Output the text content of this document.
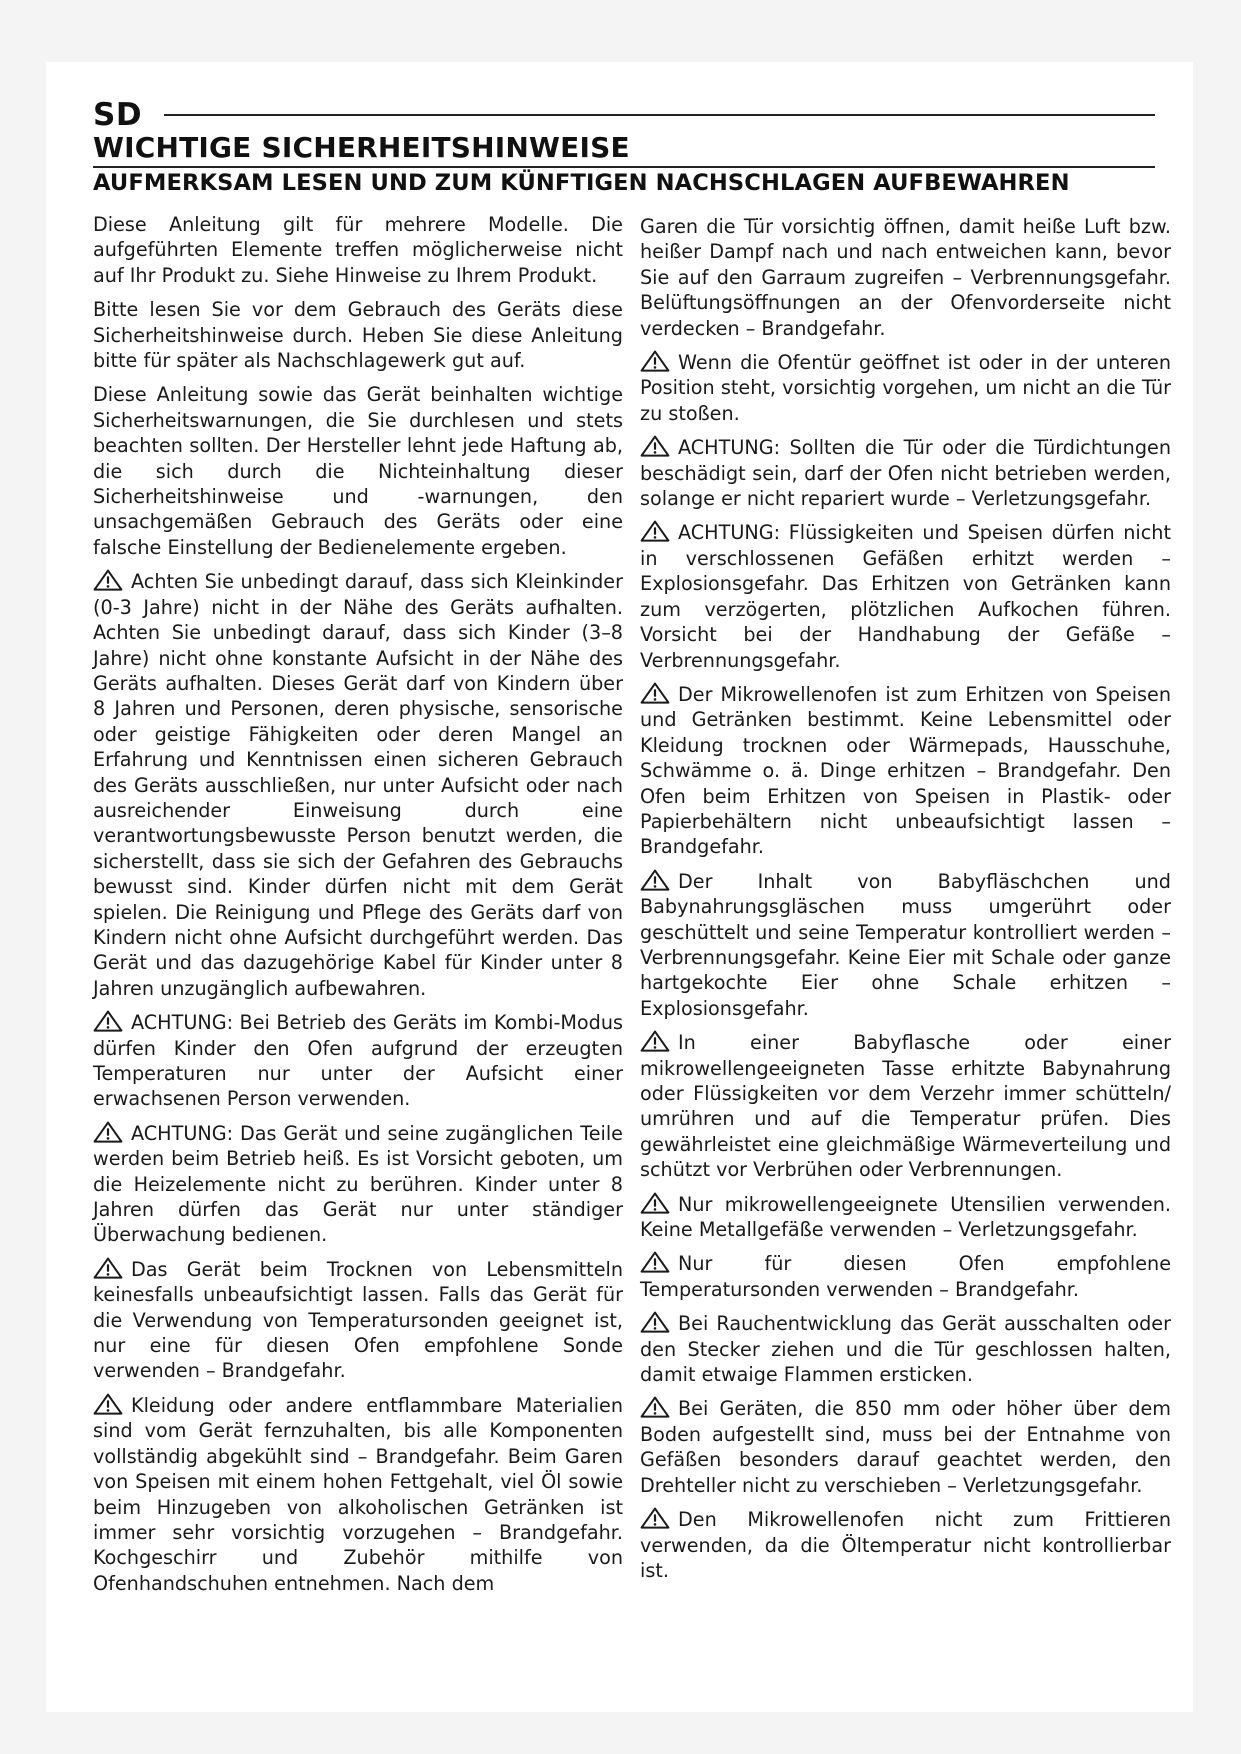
SD
WICHTIGE SICHERHEITSHINWEISE
AUFMERKSAM LESEN UND ZUM KÜNFTIGEN NACHSCHLAGEN AUFBEWAHREN

Diese Anleitung gilt für mehrere Modelle. Die aufgeführten Elemente treffen möglicherweise nicht auf Ihr Produkt zu. Siehe Hinweise zu Ihrem Produkt.

Bitte lesen Sie vor dem Gebrauch des Geräts diese Sicherheitshinweise durch. Heben Sie diese Anleitung bitte für später als Nachschlagewerk gut auf.

Diese Anleitung sowie das Gerät beinhalten wichtige Sicherheitswarnungen, die Sie durchlesen und stets beachten sollten. Der Hersteller lehnt jede Haftung ab, die sich durch die Nichteinhaltung dieser Sicherheitshinweise und -warnungen, den unsachgemäßen Gebrauch des Geräts oder eine falsche Einstellung der Bedienelemente ergeben.

Achten Sie unbedingt darauf, dass sich Kleinkinder (0-3 Jahre) nicht in der Nähe des Geräts aufhalten. Achten Sie unbedingt darauf, dass sich Kinder (3–8 Jahre) nicht ohne konstante Aufsicht in der Nähe des Geräts aufhalten. Dieses Gerät darf von Kindern über 8 Jahren und Personen, deren physische, sensorische oder geistige Fähigkeiten oder deren Mangel an Erfahrung und Kenntnissen einen sicheren Gebrauch des Geräts ausschließen, nur unter Aufsicht oder nach ausreichender Einweisung durch eine verantwortungsbewusste Person benutzt werden, die sicherstellt, dass sie sich der Gefahren des Gebrauchs bewusst sind. Kinder dürfen nicht mit dem Gerät spielen. Die Reinigung und Pflege des Geräts darf von Kindern nicht ohne Aufsicht durchgeführt werden. Das Gerät und das dazugehörige Kabel für Kinder unter 8 Jahren unzugänglich aufbewahren.

ACHTUNG: Bei Betrieb des Geräts im Kombi-Modus dürfen Kinder den Ofen aufgrund der erzeugten Temperaturen nur unter der Aufsicht einer erwachsenen Person verwenden.

ACHTUNG: Das Gerät und seine zugänglichen Teile werden beim Betrieb heiß. Es ist Vorsicht geboten, um die Heizelemente nicht zu berühren. Kinder unter 8 Jahren dürfen das Gerät nur unter ständiger Überwachung bedienen.

Das Gerät beim Trocknen von Lebensmitteln keinesfalls unbeaufsichtigt lassen. Falls das Gerät für die Verwendung von Temperatursonden geeignet ist, nur eine für diesen Ofen empfohlene Sonde verwenden – Brandgefahr.

Kleidung oder andere entflammbare Materialien sind vom Gerät fernzuhalten, bis alle Komponenten vollständig abgekühlt sind – Brandgefahr. Beim Garen von Speisen mit einem hohen Fettgehalt, viel Öl sowie beim Hinzugeben von alkoholischen Getränken ist immer sehr vorsichtig vorzugehen – Brandgefahr. Kochgeschirr und Zubehör mithilfe von Ofenhandschuhen entnehmen. Nach dem

Garen die Tür vorsichtig öffnen, damit heiße Luft bzw. heißer Dampf nach und nach entweichen kann, bevor Sie auf den Garraum zugreifen – Verbrennungsgefahr. Belüftungsöffnungen an der Ofenvorderseite nicht verdecken – Brandgefahr.

Wenn die Ofentür geöffnet ist oder in der unteren Position steht, vorsichtig vorgehen, um nicht an die Tür zu stoßen.

ACHTUNG: Sollten die Tür oder die Türdichtungen beschädigt sein, darf der Ofen nicht betrieben werden, solange er nicht repariert wurde – Verletzungsgefahr.

ACHTUNG: Flüssigkeiten und Speisen dürfen nicht in verschlossenen Gefäßen erhitzt werden – Explosionsgefahr. Das Erhitzen von Getränken kann zum verzögerten, plötzlichen Aufkochen führen. Vorsicht bei der Handhabung der Gefäße – Verbrennungsgefahr.

Der Mikrowellenofen ist zum Erhitzen von Speisen und Getränken bestimmt. Keine Lebensmittel oder Kleidung trocknen oder Wärmepads, Hausschuhe, Schwämme o. ä. Dinge erhitzen – Brandgefahr. Den Ofen beim Erhitzen von Speisen in Plastik- oder Papierbehältern nicht unbeaufsichtigt lassen – Brandgefahr.

Der Inhalt von Babyfläschchen und Babynahrungsgläschen muss umgerührt oder geschüttelt und seine Temperatur kontrolliert werden – Verbrennungsgefahr. Keine Eier mit Schale oder ganze hartgekochte Eier ohne Schale erhitzen – Explosionsgefahr.

In einer Babyflasche oder einer mikrowellengeeigneten Tasse erhitzte Babynahrung oder Flüssigkeiten vor dem Verzehr immer schütteln/ umrühren und auf die Temperatur prüfen. Dies gewährleistet eine gleichmäßige Wärmeverteilung und schützt vor Verbrühen oder Verbrennungen.

Nur mikrowellengeeignete Utensilien verwenden. Keine Metallgefäße verwenden – Verletzungsgefahr.

Nur für diesen Ofen empfohlene Temperatursonden verwenden – Brandgefahr.

Bei Rauchentwicklung das Gerät ausschalten oder den Stecker ziehen und die Tür geschlossen halten, damit etwaige Flammen ersticken.

Bei Geräten, die 850 mm oder höher über dem Boden aufgestellt sind, muss bei der Entnahme von Gefäßen besonders darauf geachtet werden, den Drehteller nicht zu verschieben – Verletzungsgefahr.

Den Mikrowellenofen nicht zum Frittieren verwenden, da die Öltemperatur nicht kontrollierbar ist.
